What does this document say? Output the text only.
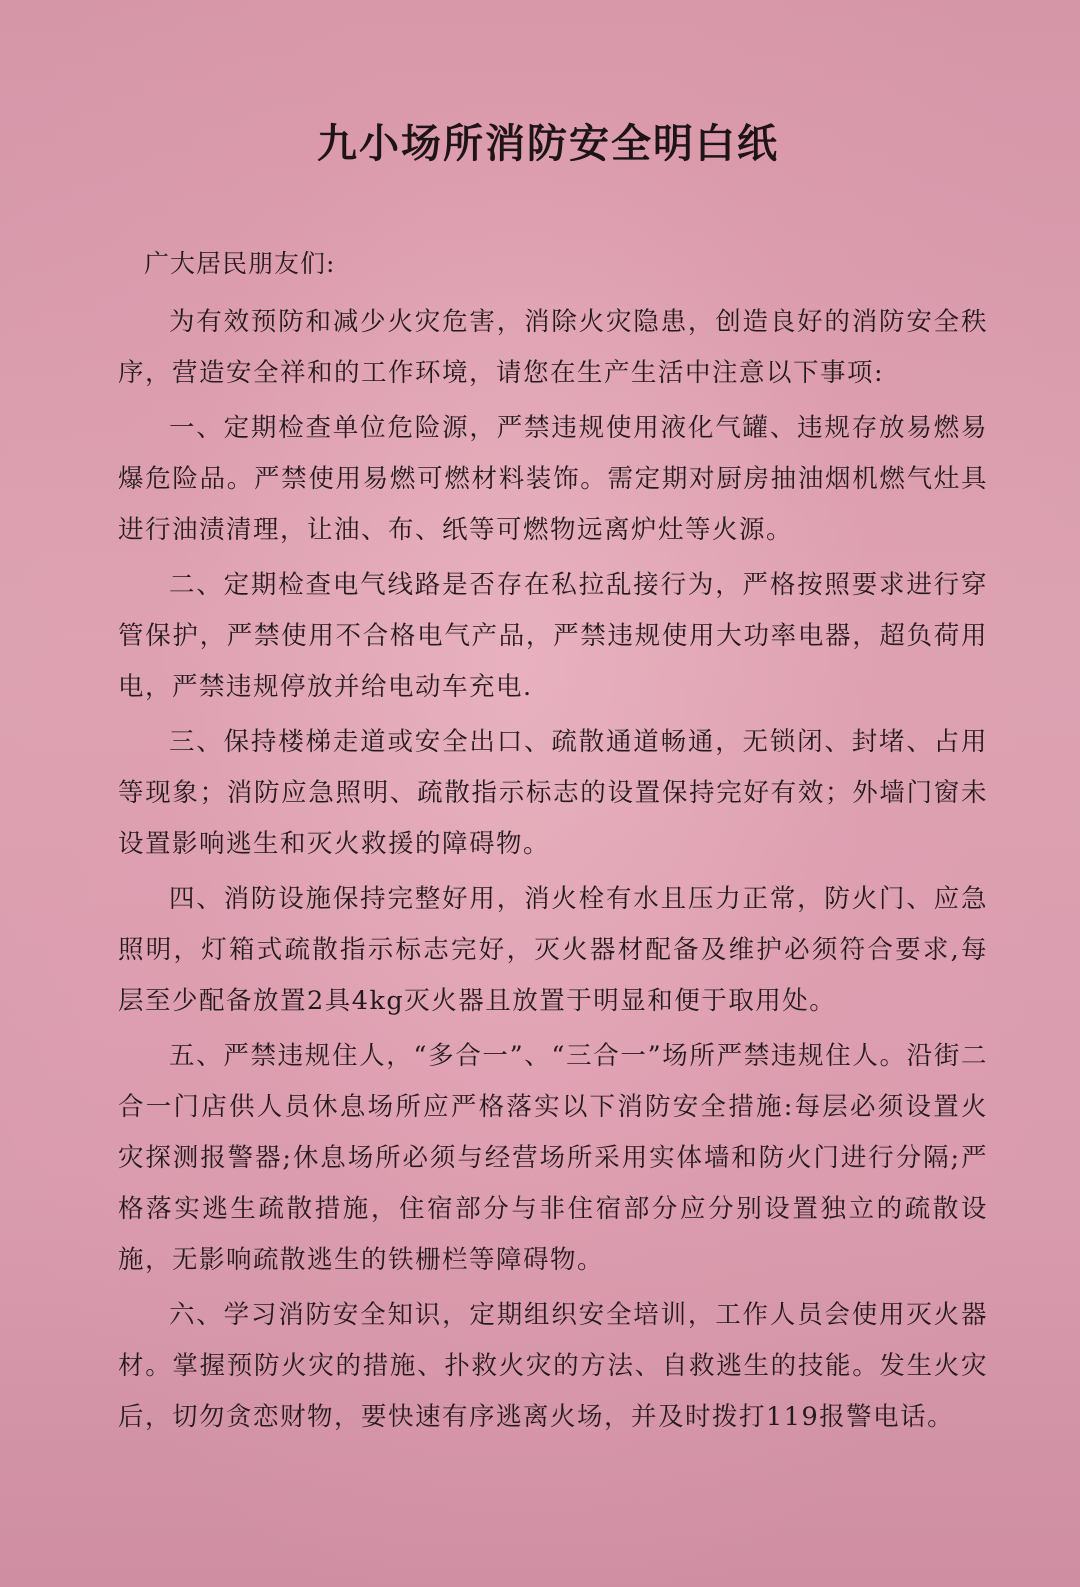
九小场所消防安全明白纸

广大居民朋友们:

为有效预防和减少火灾危害，消除火灾隐患，创造良好的消防安全秩序，营造安全祥和的工作环境，请您在生产生活中注意以下事项:

一、定期检查单位危险源，严禁违规使用液化气罐、违规存放易燃易爆危险品。严禁使用易燃可燃材料装饰。需定期对厨房抽油烟机燃气灶具进行油渍清理，让油、布、纸等可燃物远离炉灶等火源。

二、定期检查电气线路是否存在私拉乱接行为，严格按照要求进行穿管保护，严禁使用不合格电气产品，严禁违规使用大功率电器，超负荷用电，严禁违规停放并给电动车充电.

三、保持楼梯走道或安全出口、疏散通道畅通，无锁闭、封堵、占用等现象；消防应急照明、疏散指示标志的设置保持完好有效；外墙门窗未设置影响逃生和灭火救援的障碍物。

四、消防设施保持完整好用，消火栓有水且压力正常，防火门、应急照明，灯箱式疏散指示标志完好，灭火器材配备及维护必须符合要求,每层至少配备放置2具4kg灭火器且放置于明显和便于取用处。

五、严禁违规住人，“多合一”、“三合一”场所严禁违规住人。沿街二合一门店供人员休息场所应严格落实以下消防安全措施:每层必须设置火灾探测报警器;休息场所必须与经营场所采用实体墙和防火门进行分隔;严格落实逃生疏散措施，住宿部分与非住宿部分应分别设置独立的疏散设施，无影响疏散逃生的铁栅栏等障碍物。

六、学习消防安全知识，定期组织安全培训，工作人员会使用灭火器材。掌握预防火灾的措施、扑救火灾的方法、自救逃生的技能。发生火灾后，切勿贪恋财物，要快速有序逃离火场，并及时拨打119报警电话。
